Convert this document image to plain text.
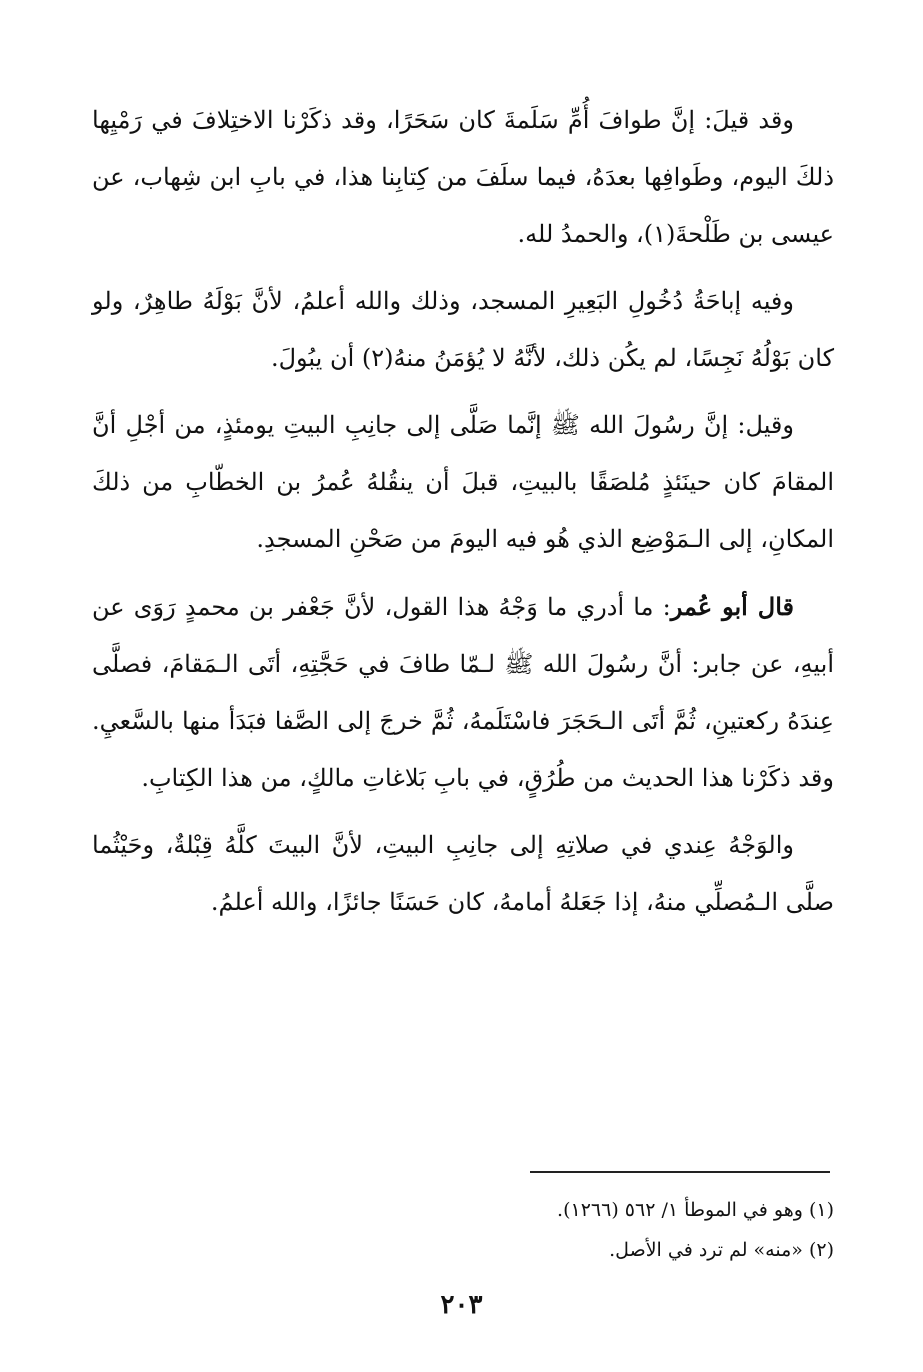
وقد قيلَ: إنَّ طوافَ أُمِّ سَلَمةَ كان سَحَرًا، وقد ذكَرْنا الاختِلافَ في رَمْيِها ذلكَ اليوم، وطَوافِها بعدَهُ، فيما سلَفَ من كِتابِنا هذا، في بابِ ابن شِهاب، عن عيسى بن طَلْحةَ(١)، والحمدُ لله.

وفيه إباحَةُ دُخُولِ البَعِيرِ المسجد، وذلك والله أعلمُ، لأنَّ بَوْلَهُ طاهِرٌ، ولو كان بَوْلُهُ نَجِسًا، لم يكُن ذلك، لأنَّهُ لا يُؤمَنُ منهُ(٢) أن يبُولَ.

وقيل: إنَّ رسُولَ الله ﷺ إنَّما صَلَّى إلى جانِبِ البيتِ يومئذٍ، من أجْلِ أنَّ المقامَ كان حينَئذٍ مُلصَقًا بالبيتِ، قبلَ أن ينقُلهُ عُمرُ بن الخطّابِ من ذلكَ المكانِ، إلى الـمَوْضِع الذي هُو فيه اليومَ من صَحْنِ المسجدِ.

قال أبو عُمر: ما أدري ما وَجْهُ هذا القول، لأنَّ جَعْفر بن محمدٍ رَوَى عن أبيهِ، عن جابر: أنَّ رسُولَ الله ﷺ لـمّا طافَ في حَجَّتِهِ، أتَى الـمَقامَ، فصلَّى عِندَهُ ركعتينِ، ثُمَّ أتَى الـحَجَرَ فاسْتَلَمهُ، ثُمَّ خرجَ إلى الصَّفا فبَدَأ منها بالسَّعيِ. وقد ذكَرْنا هذا الحديث من طُرُقٍ، في بابِ بَلاغاتِ مالكٍ، من هذا الكِتابِ.

والوَجْهُ عِندي في صلاتِهِ إلى جانِبِ البيتِ، لأنَّ البيتَ كلَّهُ قِبْلةٌ، وحَيْثُما صلَّى الـمُصلِّي منهُ، إذا جَعَلهُ أمامهُ، كان حَسَنًا جائزًا، والله أعلمُ.

(١) وهو في الموطأ ١/ ٥٦٢ (١٢٦٦).

(٢) «منه» لم ترد في الأصل.

٢٠٣
